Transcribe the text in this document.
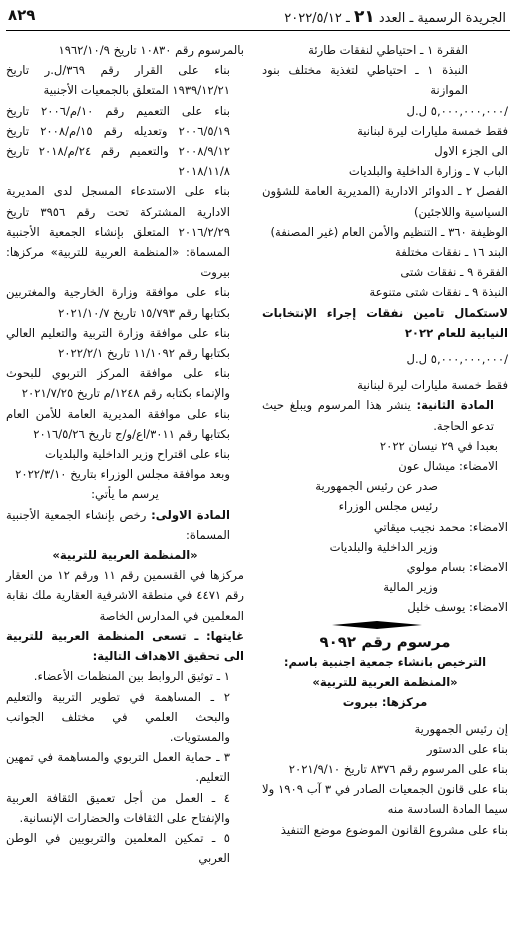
٨٢٩	الجريدة الرسمية ـ العدد ٢١ ـ ٢٠٢٢/٥/١٢
الفقرة ١ ـ احتياطي لنفقات طارئة
النبذة ١ ـ احتياطي لتغذية مختلف بنود الموازنة
٥,٠٠٠,٠٠٠,٠٠٠ ل.ل/
فقط خمسة مليارات ليرة لبنانية
الى الجزء الاول
الباب ٧ ـ وزارة الداخلية والبلديات
الفصل ٢ ـ الدوائر الادارية (المديرية العامة للشؤون السياسية واللاجئين)
الوظيفة ٣٦٠ ـ التنظيم والأمن العام (غير المصنفة)
البند ١٦ ـ نفقات مختلفة
الفقرة ٩ ـ نفقات شتى
النبذة ٩ ـ نفقات شتى متنوعة
لاستكمال تامين نفقات إجراء الإنتخابات النيابية للعام ٢٠٢٢
٥,٠٠٠,٠٠٠,٠٠٠ ل.ل/
فقط خمسة مليارات ليرة لبنانية
المادة الثانية: ينشر هذا المرسوم ويبلغ حيث تدعو الحاجة.
بعبدا في ٢٩ نيسان ٢٠٢٢
الامضاء: ميشال عون
صدر عن رئيس الجمهورية
رئيس مجلس الوزراء
الامضاء: محمد نجيب ميقاتي
وزير الداخلية والبلديات
الامضاء: بسام مولوي
وزير المالية
الامضاء: يوسف خليل
مرسوم رقم ٩٠٩٢
الترخيص بانشاء جمعية اجنبية باسم:
«المنظمة العربية للتربية»
مركزها: بيروت
إن رئيس الجمهورية
بناء على الدستور
بناء على المرسوم رقم ٨٣٧٦ تاريخ ٢٠٢١/٩/١٠
بناء على قانون الجمعيات الصادر في ٣ آب ١٩٠٩ ولا سيما المادة السادسة منه
بناء على مشروع القانون الموضوع موضع التنفيذ
بالمرسوم رقم ١٠٨٣٠ تاريخ ١٩٦٢/١٠/٩
بناء على القرار رقم ٣٦٩/ل.ر تاريخ ١٩٣٩/١٢/٢١ المتعلق بالجمعيات الأجنبية
بناء على التعميم رقم ١٠/م/٢٠٠٦ تاريخ ٢٠٠٦/٥/١٩ وتعديله رقم ١٥/م/٢٠٠٨ تاريخ ٢٠٠٨/٩/١٢ والتعميم رقم ٢٤/م/٢٠١٨ تاريخ ٢٠١٨/١١/٨
بناء على الاستدعاء المسجل لدى المديرية الادارية المشتركة تحت رقم ٣٩٥٦ تاريخ ٢٠١٦/٢/٢٩ المتعلق بإنشاء الجمعية الأجنبية المسماة: «المنظمة العربية للتربية» مركزها: بيروت
بناء على موافقة وزارة الخارجية والمغتربين بكتابها رقم ١٥/٧٩٣ تاريخ ٢٠٢١/١٠/٧
بناء على موافقة وزارة التربية والتعليم العالي بكتابها رقم ١١/١٠٩٢ تاريخ ٢٠٢٢/٢/١
بناء على موافقة المركز التربوي للبحوث والإنماء بكتابه رقم ١٢٤٨/م تاريخ ٢٠٢١/٧/٢٥
بناء على موافقة المديرية العامة للأمن العام بكتابها رقم ٣٠١١/اع/و/ج تاريخ ٢٠١٦/٥/٢٦
بناء على اقتراح وزير الداخلية والبلديات
وبعد موافقة مجلس الوزراء بتاريخ ٢٠٢٢/٣/١٠
يرسم ما يأتي:
المادة الاولى: رخص بإنشاء الجمعية الأجنبية المسماة:
«المنظمة العربية للتربية»
مركزها في القسمين رقم ١١ ورقم ١٢ من العقار رقم ٤٤٧١ في منطقة الاشرفية العقارية ملك نقابة المعلمين في المدارس الخاصة
غايتها: ـ تسعى المنظمة العربية للتربية الى تحقيق الاهداف التالية:
١ ـ توثيق الروابط بين المنظمات الأعضاء.
٢ ـ المساهمة في تطوير التربية والتعليم والبحث العلمي في مختلف الجوانب والمستويات.
٣ ـ حماية العمل التربوي والمساهمة في تمهين التعليم.
٤ ـ العمل من أجل تعميق الثقافة العربية والإنفتاح على الثقافات والحضارات الإنسانية.
٥ ـ تمكين المعلمين والتربويين في الوطن العربي
